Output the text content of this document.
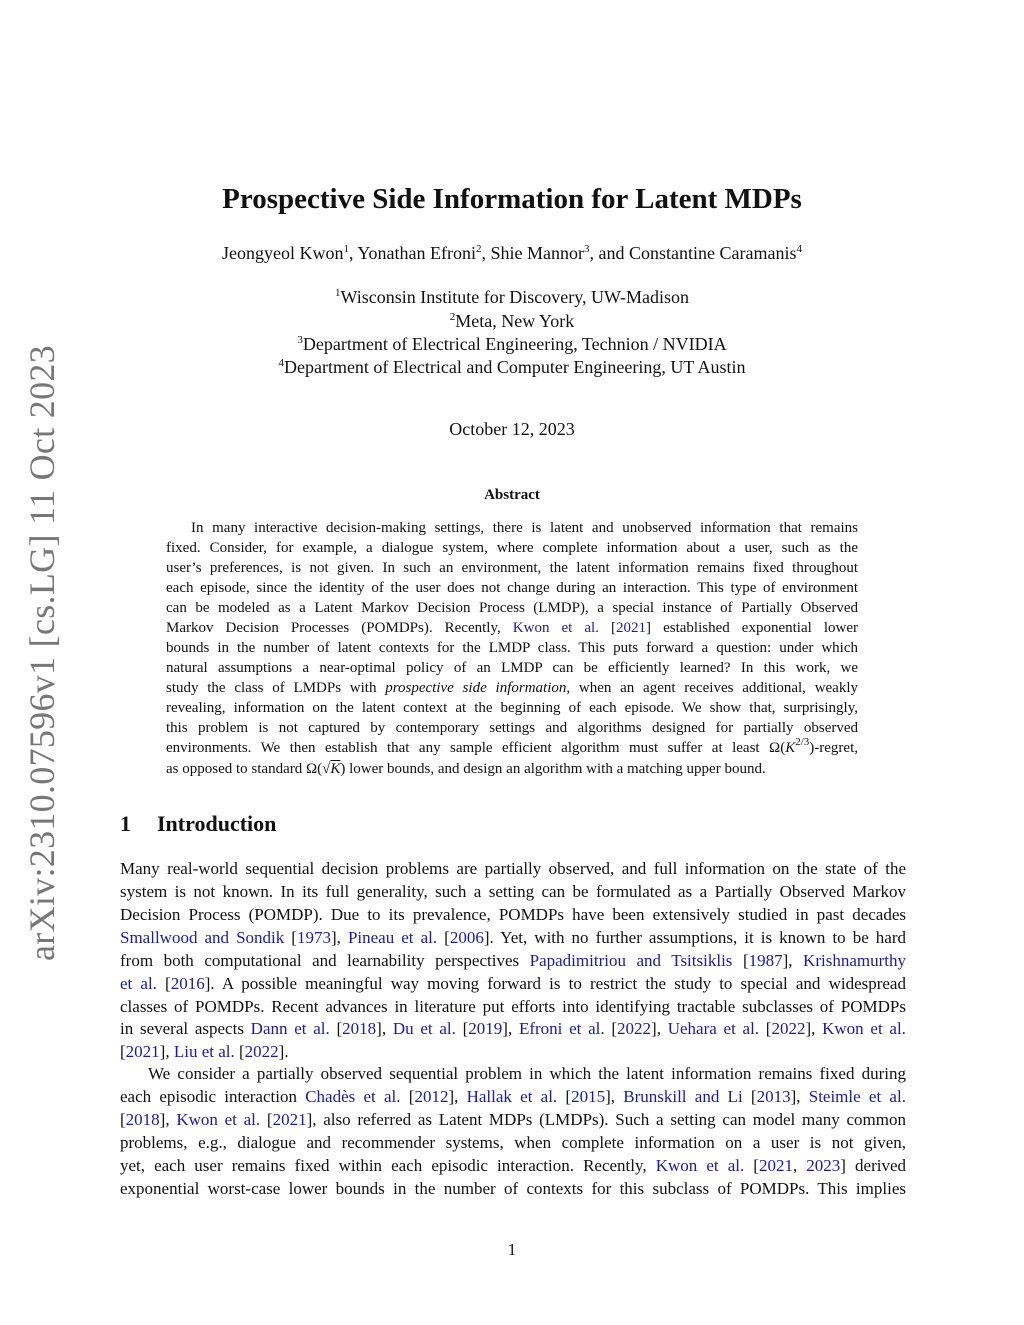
arXiv:2310.07596v1 [cs.LG] 11 Oct 2023
Prospective Side Information for Latent MDPs
Jeongyeol Kwon$^1$, Yonathan Efroni$^2$, Shie Mannor$^3$, and Constantine Caramanis$^4$
$^1$Wisconsin Institute for Discovery, UW-Madison
$^2$Meta, New York
$^3$Department of Electrical Engineering, Technion / NVIDIA
$^4$Department of Electrical and Computer Engineering, UT Austin
October 12, 2023
Abstract
In many interactive decision-making settings, there is latent and unobserved information that remains
fixed. Consider, for example, a dialogue system, where complete information about a user, such as the
user’s preferences, is not given. In such an environment, the latent information remains fixed throughout
each episode, since the identity of the user does not change during an interaction. This type of environment
can be modeled as a Latent Markov Decision Process (LMDP), a special instance of Partially Observed
Markov Decision Processes (POMDPs). Recently, Kwon et al. [2021] established exponential lower
bounds in the number of latent contexts for the LMDP class. This puts forward a question: under which
natural assumptions a near-optimal policy of an LMDP can be efficiently learned? In this work, we
study the class of LMDPs with prospective side information, when an agent receives additional, weakly
revealing, information on the latent context at the beginning of each episode. We show that, surprisingly,
this problem is not captured by contemporary settings and algorithms designed for partially observed
environments. We then establish that any sample efficient algorithm must suffer at least $\Omega(K^{2/3})$-regret,
as opposed to standard Ω(√K) lower bounds, and design an algorithm with a matching upper bound.
1 Introduction
Many real-world sequential decision problems are partially observed, and full information on the state of the
system is not known. In its full generality, such a setting can be formulated as a Partially Observed Markov
Decision Process (POMDP). Due to its prevalence, POMDPs have been extensively studied in past decades
Smallwood and Sondik [1973], Pineau et al. [2006]. Yet, with no further assumptions, it is known to be hard
from both computational and learnability perspectives Papadimitriou and Tsitsiklis [1987], Krishnamurthy
et al. [2016]. A possible meaningful way moving forward is to restrict the study to special and widespread
classes of POMDPs. Recent advances in literature put efforts into identifying tractable subclasses of POMDPs
in several aspects Dann et al. [2018], Du et al. [2019], Efroni et al. [2022], Uehara et al. [2022], Kwon et al.
[2021], Liu et al. [2022].
We consider a partially observed sequential problem in which the latent information remains fixed during
each episodic interaction Chadès et al. [2012], Hallak et al. [2015], Brunskill and Li [2013], Steimle et al.
[2018], Kwon et al. [2021], also referred as Latent MDPs (LMDPs). Such a setting can model many common
problems, e.g., dialogue and recommender systems, when complete information on a user is not given,
yet, each user remains fixed within each episodic interaction. Recently, Kwon et al. [2021, 2023] derived
exponential worst-case lower bounds in the number of contexts for this subclass of POMDPs. This implies
1
